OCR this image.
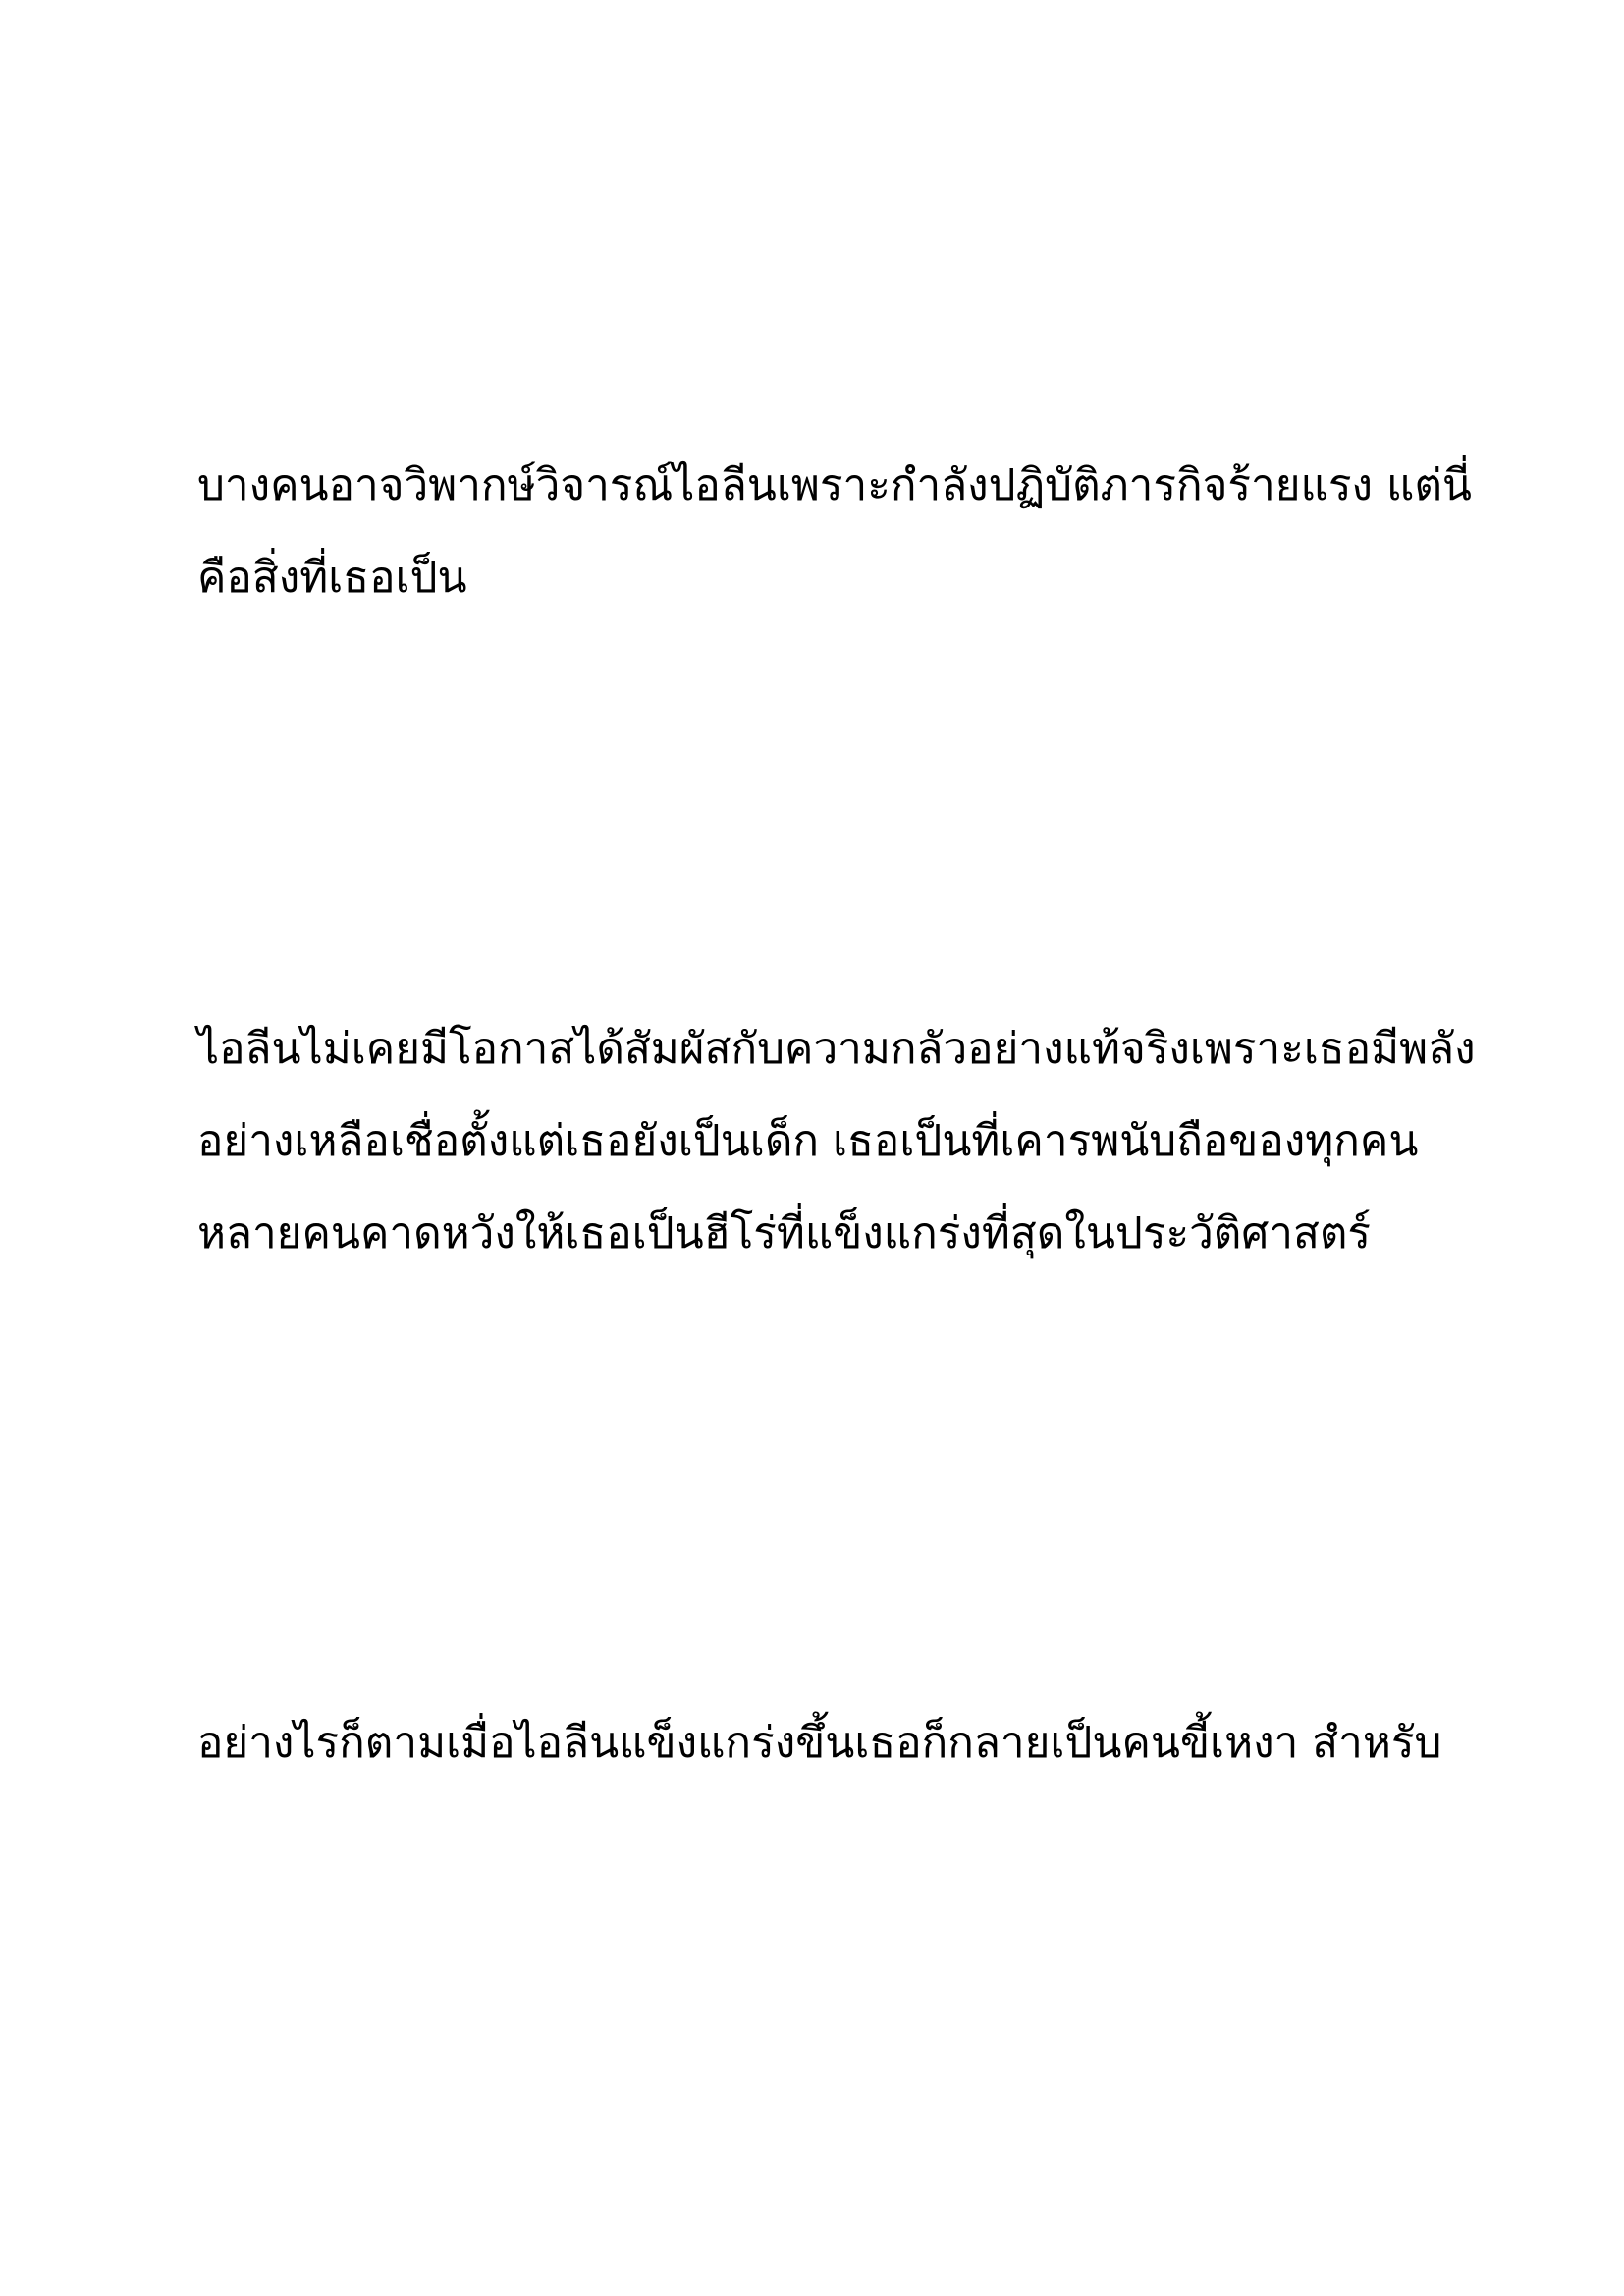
บางคนอาจวิพากษ์วิจารณ์ไอลีนเพราะกำลังปฏิบัติภารกิจร้ายแรง แต่นี่
คือสิ่งที่เธอเป็น
ไอลีนไม่เคยมีโอกาสได้สัมผัสกับความกลัวอย่างแท้จริงเพราะเธอมีพลัง
อย่างเหลือเชื่อตั้งแต่เธอยังเป็นเด็ก เธอเป็นที่เคารพนับถือของทุกคน
หลายคนคาดหวังให้เธอเป็นฮีโร่ที่แข็งแกร่งที่สุดในประวัติศาสตร์
อย่างไรก็ตามเมื่อไอลีนแข็งแกร่งขึ้นเธอก็กลายเป็นคนขี้เหงา สำหรับ
